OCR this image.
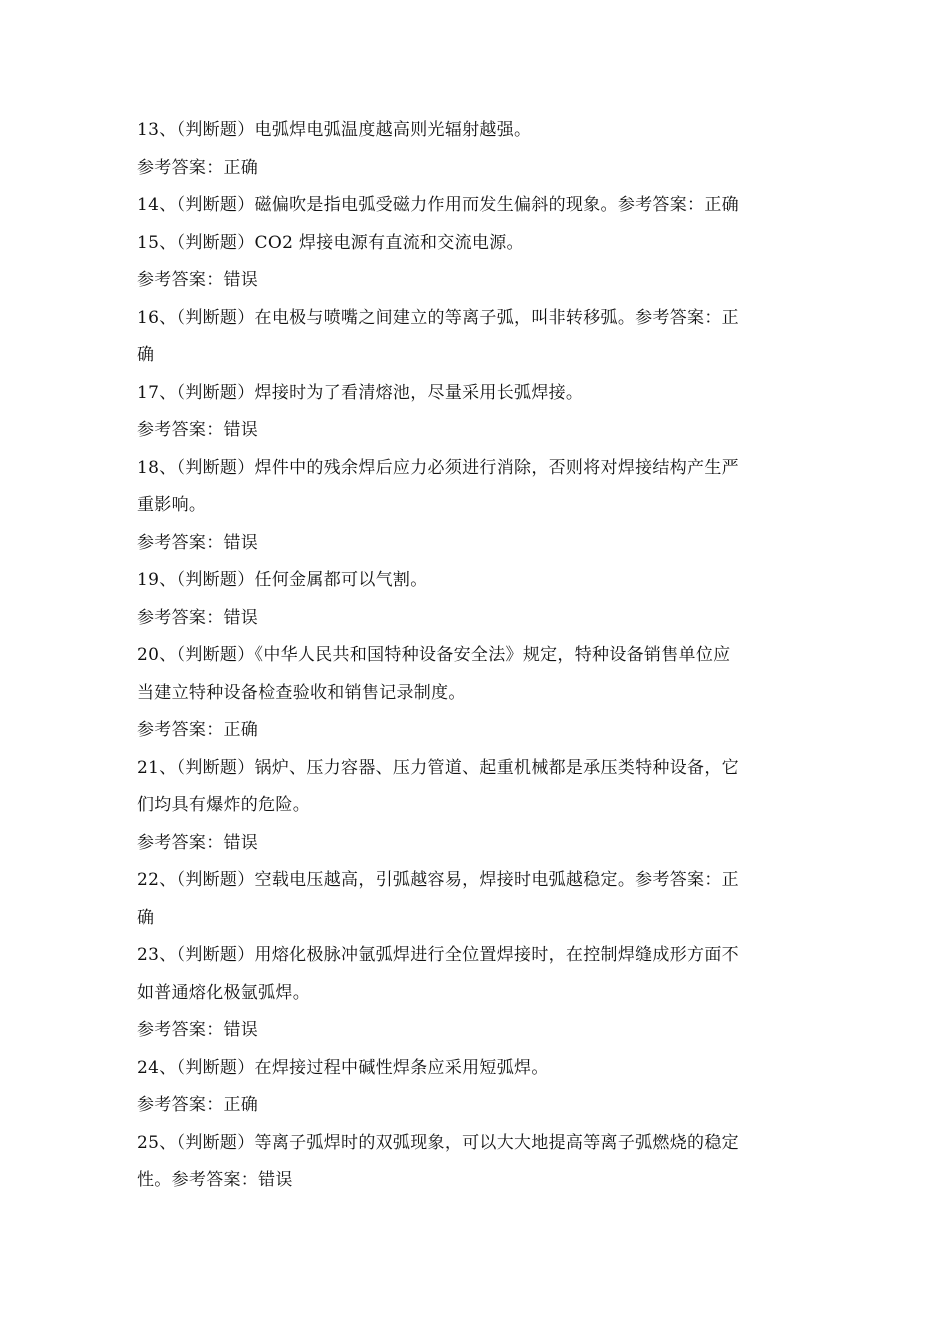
13、（判断题）电弧焊电弧温度越高则光辐射越强。
参考答案：正确
14、（判断题）磁偏吹是指电弧受磁力作用而发生偏斜的现象。参考答案：正确
15、（判断题）CO2 焊接电源有直流和交流电源。
参考答案：错误
16、（判断题）在电极与喷嘴之间建立的等离子弧，叫非转移弧。参考答案：正
确
17、（判断题）焊接时为了看清熔池，尽量采用长弧焊接。
参考答案：错误
18、（判断题）焊件中的残余焊后应力必须进行消除，否则将对焊接结构产生严
重影响。
参考答案：错误
19、（判断题）任何金属都可以气割。
参考答案：错误
20、（判断题）《中华人民共和国特种设备安全法》规定，特种设备销售单位应
当建立特种设备检查验收和销售记录制度。
参考答案：正确
21、（判断题）锅炉、压力容器、压力管道、起重机械都是承压类特种设备，它
们均具有爆炸的危险。
参考答案：错误
22、（判断题）空载电压越高，引弧越容易，焊接时电弧越稳定。参考答案：正
确
23、（判断题）用熔化极脉冲氩弧焊进行全位置焊接时，在控制焊缝成形方面不
如普通熔化极氩弧焊。
参考答案：错误
24、（判断题）在焊接过程中碱性焊条应采用短弧焊。
参考答案：正确
25、（判断题）等离子弧焊时的双弧现象，可以大大地提高等离子弧燃烧的稳定
性。参考答案：错误
